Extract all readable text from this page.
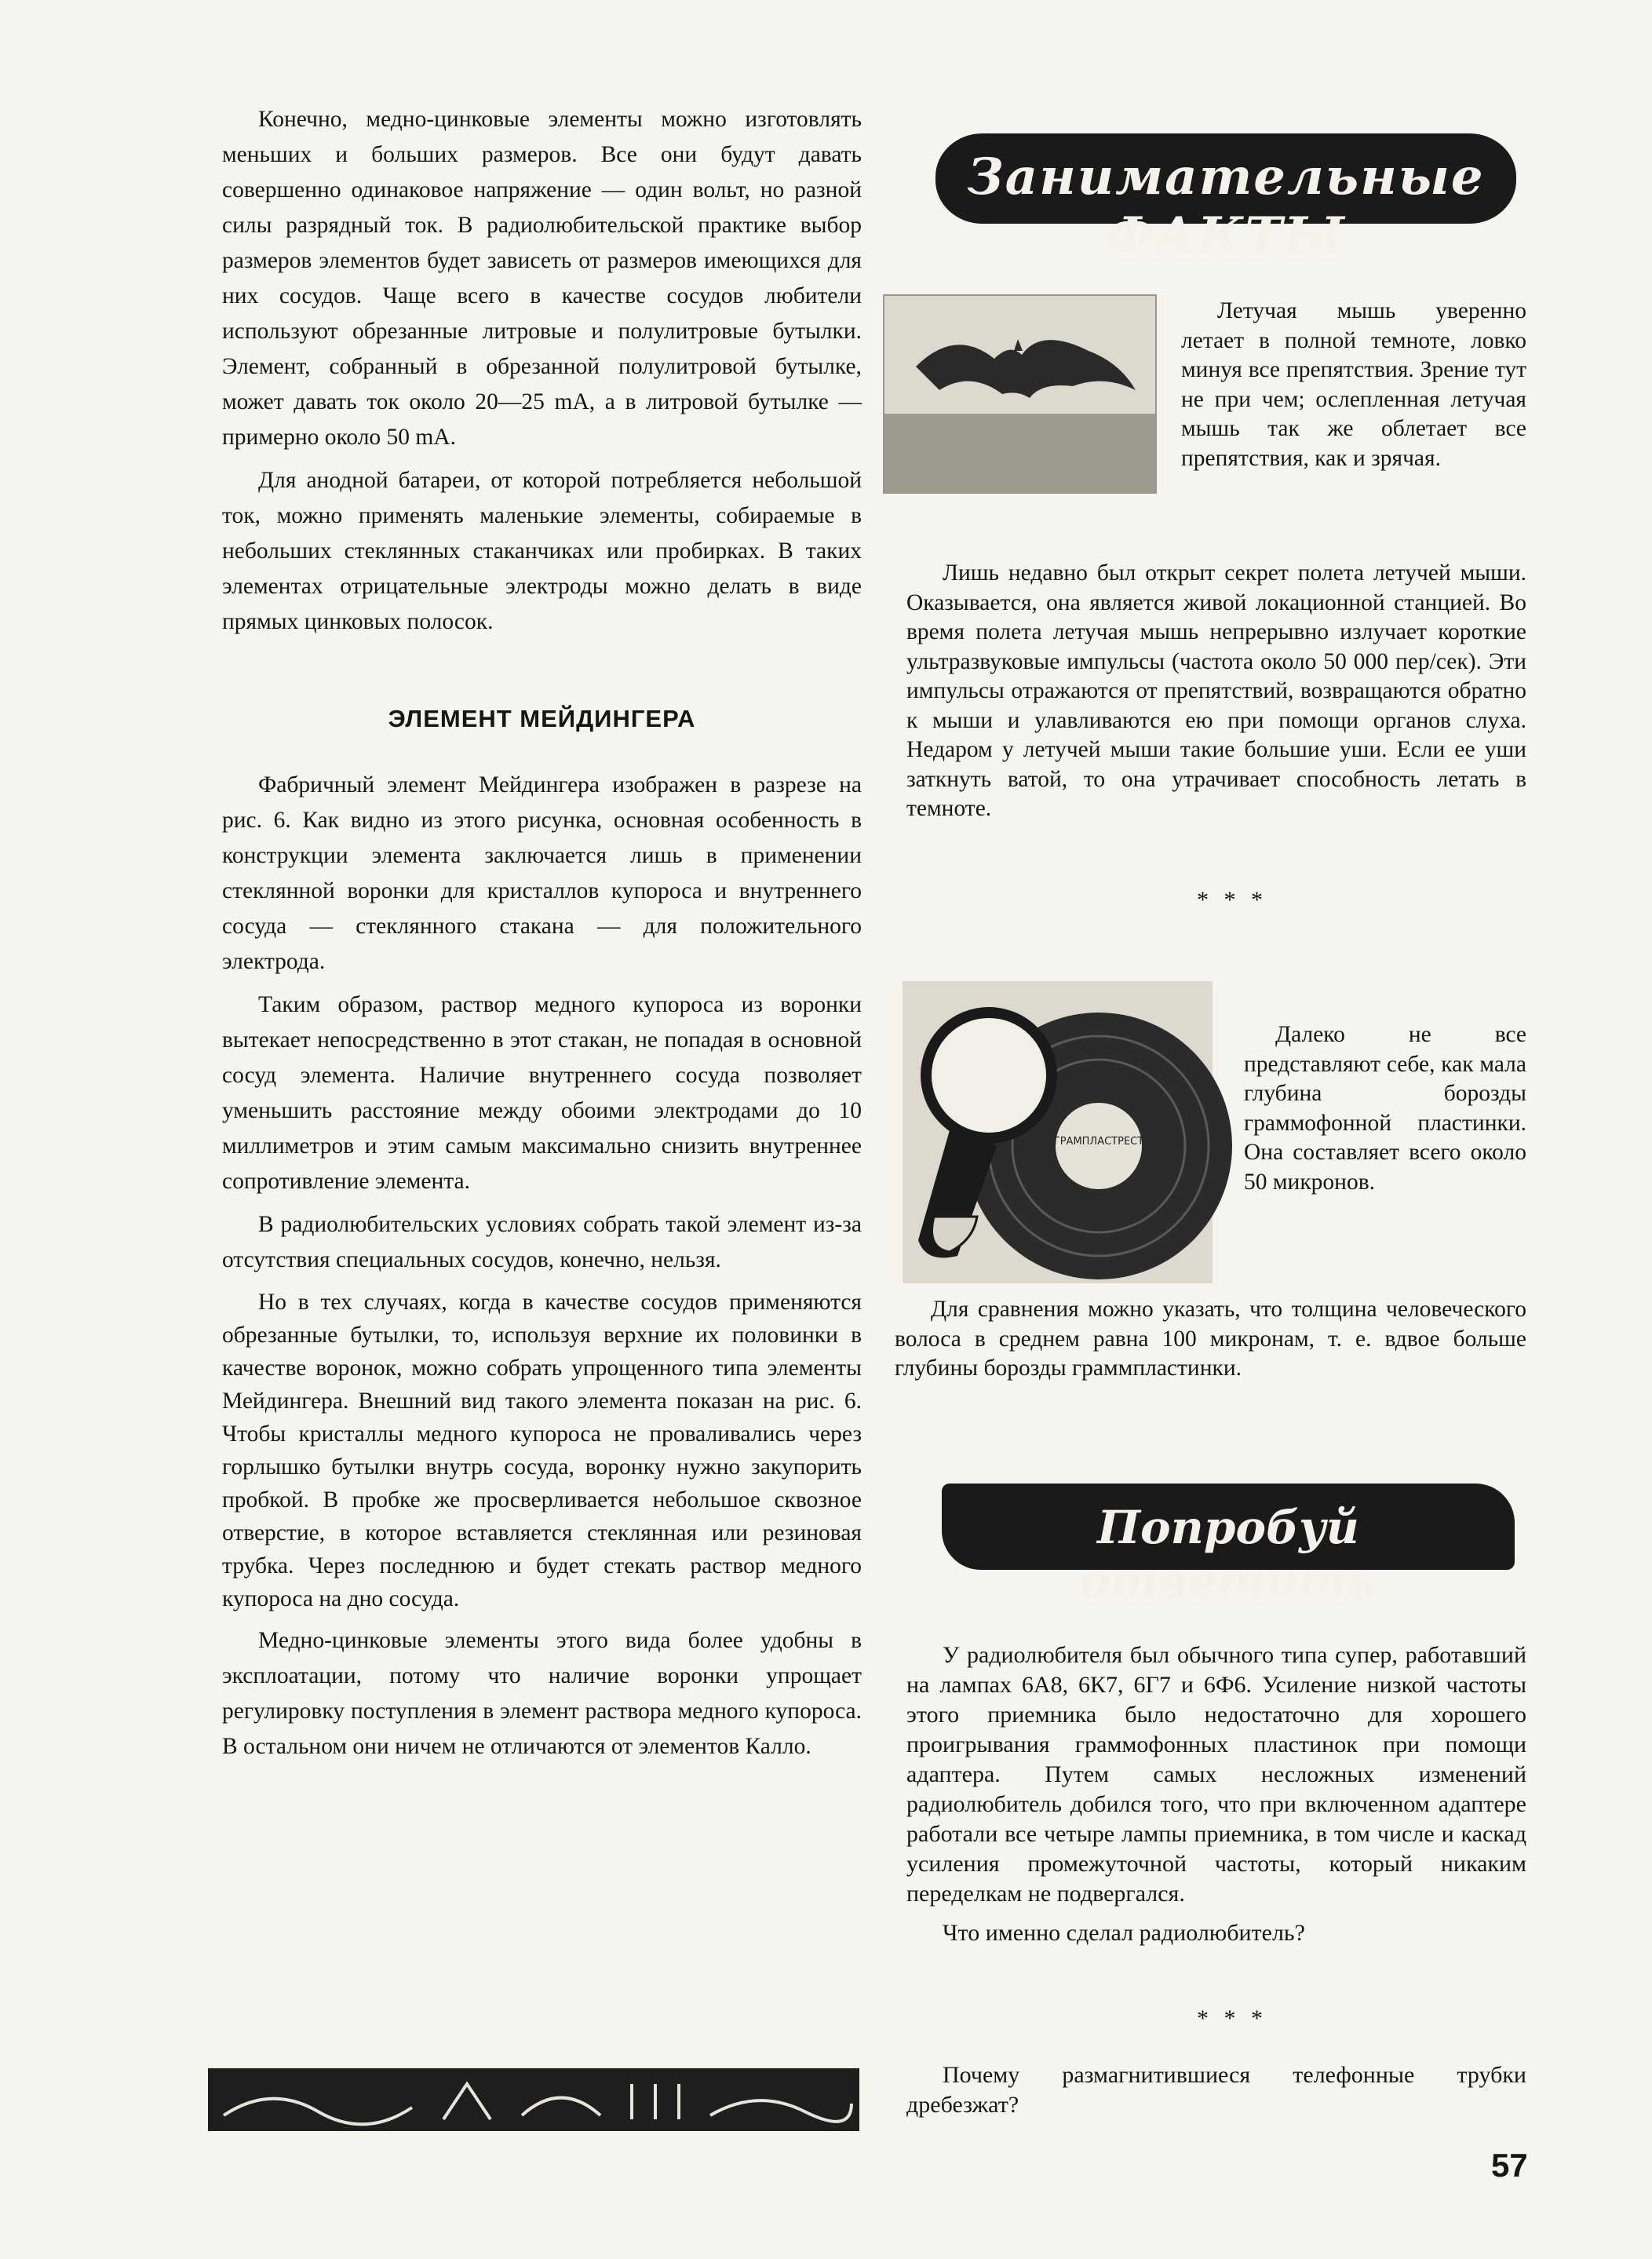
Конечно, медно-цинковые элементы можно изготовлять меньших и больших размеров. Все они будут давать совершенно одинаковое напряжение — один вольт, но разной силы разрядный ток. В радиолюбительской практике выбор размеров элементов будет зависеть от размеров имеющихся для них сосудов. Чаще всего в качестве сосудов любители используют обрезанные литровые и полулитровые бутылки. Элемент, собранный в обрезанной полулитровой бутылке, может давать ток около 20—25 mA, а в литровой бутылке — примерно около 50 mA.

Для анодной батареи, от которой потребляется небольшой ток, можно применять маленькие элементы, собираемые в небольших стеклянных стаканчиках или пробирках. В таких элементах отрицательные электроды можно делать в виде прямых цинковых полосок.

ЭЛЕМЕНТ МЕЙДИНГЕРА

Фабричный элемент Мейдингера изображен в разрезе на рис. 6. Как видно из этого рисунка, основная особенность в конструкции элемента заключается лишь в применении стеклянной воронки для кристаллов купороса и внутреннего сосуда — стеклянного стакана — для положительного электрода.

Таким образом, раствор медного купороса из воронки вытекает непосредственно в этот стакан, не попадая в основной сосуд элемента. Наличие внутреннего сосуда позволяет уменьшить расстояние между обоими электродами до 10 миллиметров и этим самым максимально снизить внутреннее сопротивление элемента.

В радиолюбительских условиях собрать такой элемент из-за отсутствия специальных сосудов, конечно, нельзя.

Но в тех случаях, когда в качестве сосудов применяются обрезанные бутылки, то, используя верхние их половинки в качестве воронок, можно собрать упрощенного типа элементы Мейдингера. Внешний вид такого элемента показан на рис. 6. Чтобы кристаллы медного купороса не проваливались через горлышко бутылки внутрь сосуда, воронку нужно закупорить пробкой. В пробке же просверливается небольшое сквозное отверстие, в которое вставляется стеклянная или резиновая трубка. Через последнюю и будет стекать раствор медного купороса на дно сосуда.

Медно-цинковые элементы этого вида более удобны в эксплоатации, потому что наличие воронки упрощает регулировку поступления в элемент раствора медного купороса. В остальном они ничем не отличаются от элементов Калло.

Занимательные ФАКТЫ

Летучая мышь уверенно летает в полной темноте, ловко минуя все препятствия. Зрение тут не при чем; ослепленная летучая мышь так же облетает все препятствия, как и зрячая.

Лишь недавно был открыт секрет полета летучей мыши. Оказывается, она является живой локационной станцией. Во время полета летучая мышь непрерывно излучает короткие ультразвуковые импульсы (частота около 50 000 пер/сек). Эти импульсы отражаются от препятствий, возвращаются обратно к мыши и улавливаются ею при помощи органов слуха. Недаром у летучей мыши такие большие уши. Если ее уши заткнуть ватой, то она утрачивает способность летать в темноте.

* * *
ГРАМПЛАСТРЕСТ

Далеко не все представляют себе, как мала глубина борозды граммофонной пластинки. Она составляет всего около 50 микронов.

Для сравнения можно указать, что толщина человеческого волоса в среднем равна 100 микронам, т. е. вдвое больше глубины борозды граммпластинки.

Попробуй ответить

У радиолюбителя был обычного типа супер, работавший на лампах 6А8, 6К7, 6Г7 и 6Ф6. Усиление низкой частоты этого приемника было недостаточно для хорошего проигрывания граммофонных пластинок при помощи адаптера. Путем самых несложных изменений радиолюбитель добился того, что при включенном адаптере работали все четыре лампы приемника, в том числе и каскад усиления промежуточной частоты, который никаким переделкам не подвергался.

Что именно сделал радиолюбитель?

* * *

Почему размагнитившиеся телефонные трубки дребезжат?

57
